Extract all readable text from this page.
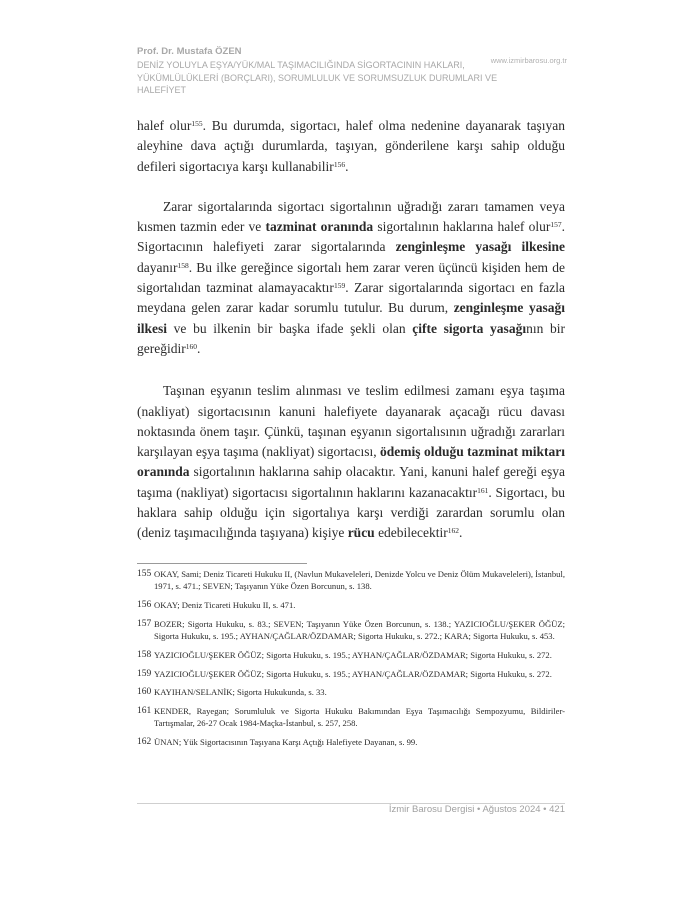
Prof. Dr. Mustafa ÖZEN
DENİZ YOLUYLA EŞYA/YÜK/MAL TAŞIMACILIĞINDA SİGORTACININ HAKLARI, YÜKÜMLÜLÜKLERİ (BORÇLARI), SORUMLULUK VE SORUMSUZLUK DURUMLARI VE HALEFİYET
www.izmirbarosu.org.tr

halef olur$^{155}$. Bu durumda, sigortacı, halef olma nedenine dayanarak taşıyan aleyhine dava açtığı durumlarda, taşıyan, gönderilene karşı sahip olduğu defileri sigortacıya karşı kullanabilir$^{156}$.

Zarar sigortalarında sigortacı sigortalının uğradığı zararı tamamen veya kısmen tazmin eder ve tazminat oranında sigortalının haklarına halef olur$^{157}$. Sigortacının halefiyeti zarar sigortalarında zenginleşme yasağı ilkesine dayanır$^{158}$. Bu ilke gereğince sigortalı hem zarar veren üçüncü kişiden hem de sigortalıdan tazminat alamayacaktır$^{159}$. Zarar sigortalarında sigortacı en fazla meydana gelen zarar kadar sorumlu tutulur. Bu durum, zenginleşme yasağı ilkesi ve bu ilkenin bir başka ifade şekli olan çifte sigorta yasağının bir gereğidir$^{160}$.

Taşınan eşyanın teslim alınması ve teslim edilmesi zamanı eşya taşıma (nakliyat) sigortacısının kanuni halefiyete dayanarak açacağı rücu davası noktasında önem taşır. Çünkü, taşınan eşyanın sigortalısının uğradığı zararları karşılayan eşya taşıma (nakliyat) sigortacısı, ödemiş olduğu tazminat miktarı oranında sigortalının haklarına sahip olacaktır. Yani, kanuni halef gereği eşya taşıma (nakliyat) sigortacısı sigortalının haklarını kazanacaktır$^{161}$. Sigortacı, bu haklara sahip olduğu için sigortalıya karşı verdiği zarardan sorumlu olan (deniz taşımacılığında taşıyana) kişiye rücu edebilecektir$^{162}$.

155 OKAY, Sami; Deniz Ticareti Hukuku II, (Navlun Mukaveleleri, Denizde Yolcu ve Deniz Ölüm Mukaveleleri), İstanbul, 1971, s. 471.; SEVEN; Taşıyanın Yüke Özen Borcunun, s. 138.
156 OKAY; Deniz Ticareti Hukuku II, s. 471.
157 BOZER; Sigorta Hukuku, s. 83.; SEVEN; Taşıyanın Yüke Özen Borcunun, s. 138.; YAZICIOĞLU/ŞEKER ÖĞÜZ; Sigorta Hukuku, s. 195.; AYHAN/ÇAĞLAR/ÖZDAMAR; Sigorta Hukuku, s. 272.; KARA; Sigorta Hukuku, s. 453.
158 YAZICIOĞLU/ŞEKER ÖĞÜZ; Sigorta Hukuku, s. 195.; AYHAN/ÇAĞLAR/ÖZDAMAR; Sigorta Hukuku, s. 272.
159 YAZICIOĞLU/ŞEKER ÖĞÜZ; Sigorta Hukuku, s. 195.; AYHAN/ÇAĞLAR/ÖZDAMAR; Sigorta Hukuku, s. 272.
160 KAYIHAN/SELANİK; Sigorta Hukukunda, s. 33.
161 KENDER, Rayegan; Sorumluluk ve Sigorta Hukuku Bakımından Eşya Taşımacılığı Sempozyumu, Bildiriler-Tartışmalar, 26-27 Ocak 1984-Maçka-İstanbul, s. 257, 258.
162 ÜNAN; Yük Sigortacısının Taşıyana Karşı Açtığı Halefiyete Dayanan, s. 99.
İzmir Barosu Dergisi • Ağustos 2024 • 421
